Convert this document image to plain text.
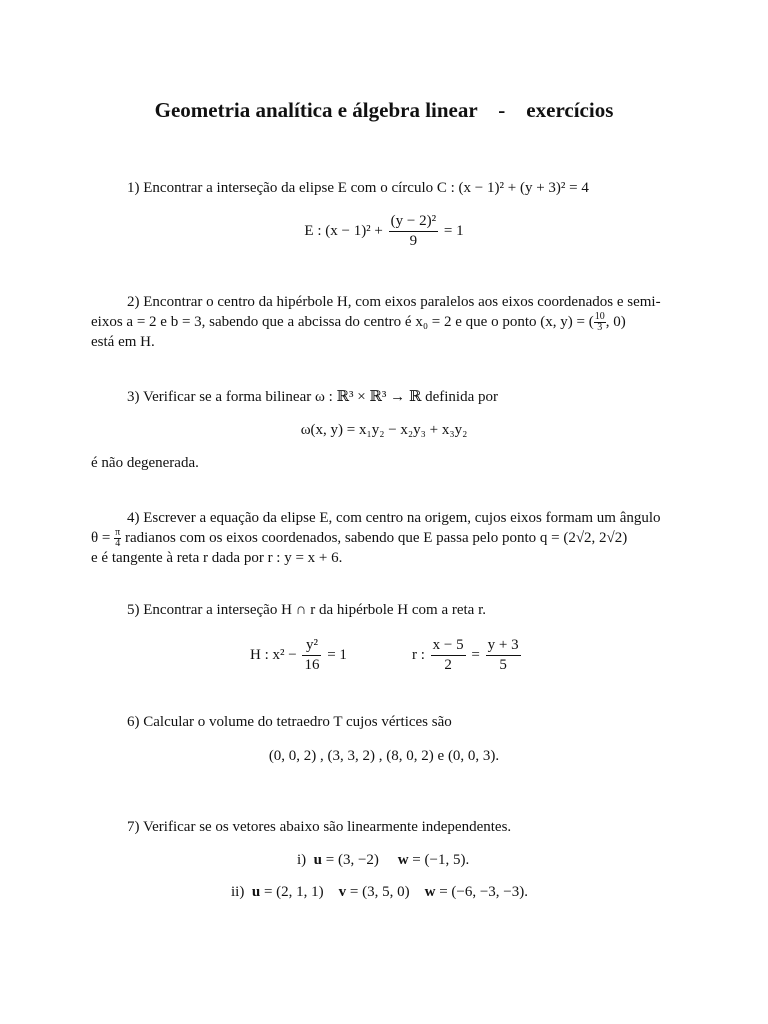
Geometria analítica e álgebra linear    -    exercícios
1) Encontrar a interseção da elipse E com o círculo C : (x − 1)² + (y + 3)² = 4
E : $(x - 1)^2 + \frac{\text{(y − 2)²}}{9} = 1$
2) Encontrar o centro da hipérbole H, com eixos paralelos aos eixos coordenados e semi-
eixos a = 2 e b = 3, sabendo que a abcissa do centro é x₀ = 2 e que o ponto (x, y) = ( $\frac{10}{3}$ , 0)
está em H.
3) Verificar se a forma bilinear ω : ℝ³ × ℝ³ → ℝ definida por
ω(x, y) = x₁y₂ − x₂y₃ + x₃y₂
é não degenerada.
4) Escrever a equação da elipse E, com centro na origem, cujos eixos formam um ângulo
$\theta = \frac{\pi}{4}$ radianos com os eixos coordenados, sabendo que E passa pelo ponto q = (2√2, 2√2)
e é tangente à reta r dada por r : y = x + 6.
5) Encontrar a interseção H ∩ r da hipérbole H com a reta r.
H : $x^2 - \frac{\text{y²}}{16} = 1$	r : $\frac{x - 5}{2} = \frac{y + 3}{5}$
6) Calcular o volume do tetraedro T cujos vértices são
(0, 0, 2) , (3, 3, 2) , (8, 0, 2) e (0, 0, 3).
7) Verificar se os vetores abaixo são linearmente independentes.
i) u = (3, −2) w = (−1, 5).
ii) u = (2, 1, 1) v = (3, 5, 0) w = (−6, −3, −3).
